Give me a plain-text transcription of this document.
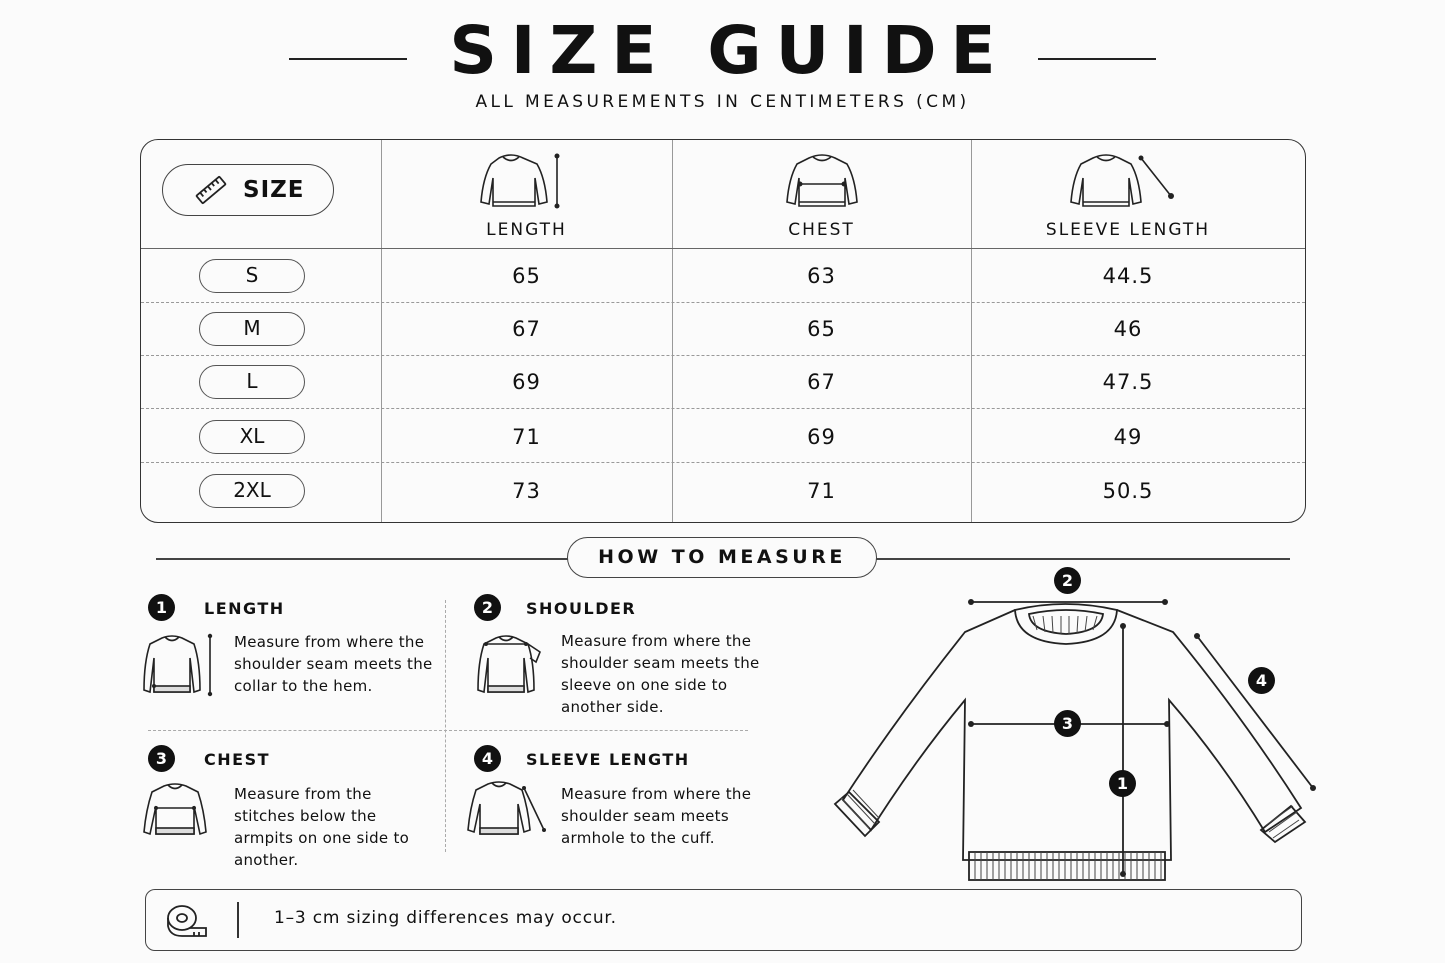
SIZE GUIDE
ALL MEASUREMENTS IN CENTIMETERS (CM)
SIZE
LENGTH	CHEST	SLEEVE LENGTH
S	65	63	44.5
M	67	65	46
L	69	67	47.5
XL	71	69	49
2XL	73	71	50.5
HOW TO MEASURE
1	LENGTH
Measure from where the shoulder seam meets the collar to the hem.
2	SHOULDER
Measure from where the shoulder seam meets the sleeve on one side to another side.
3	CHEST
Measure from the stitches below the armpits on one side to another.
4	SLEEVE LENGTH
Measure from where the shoulder seam meets armhole to the cuff.
2
3
1
4
1–3 cm sizing differences may occur.
